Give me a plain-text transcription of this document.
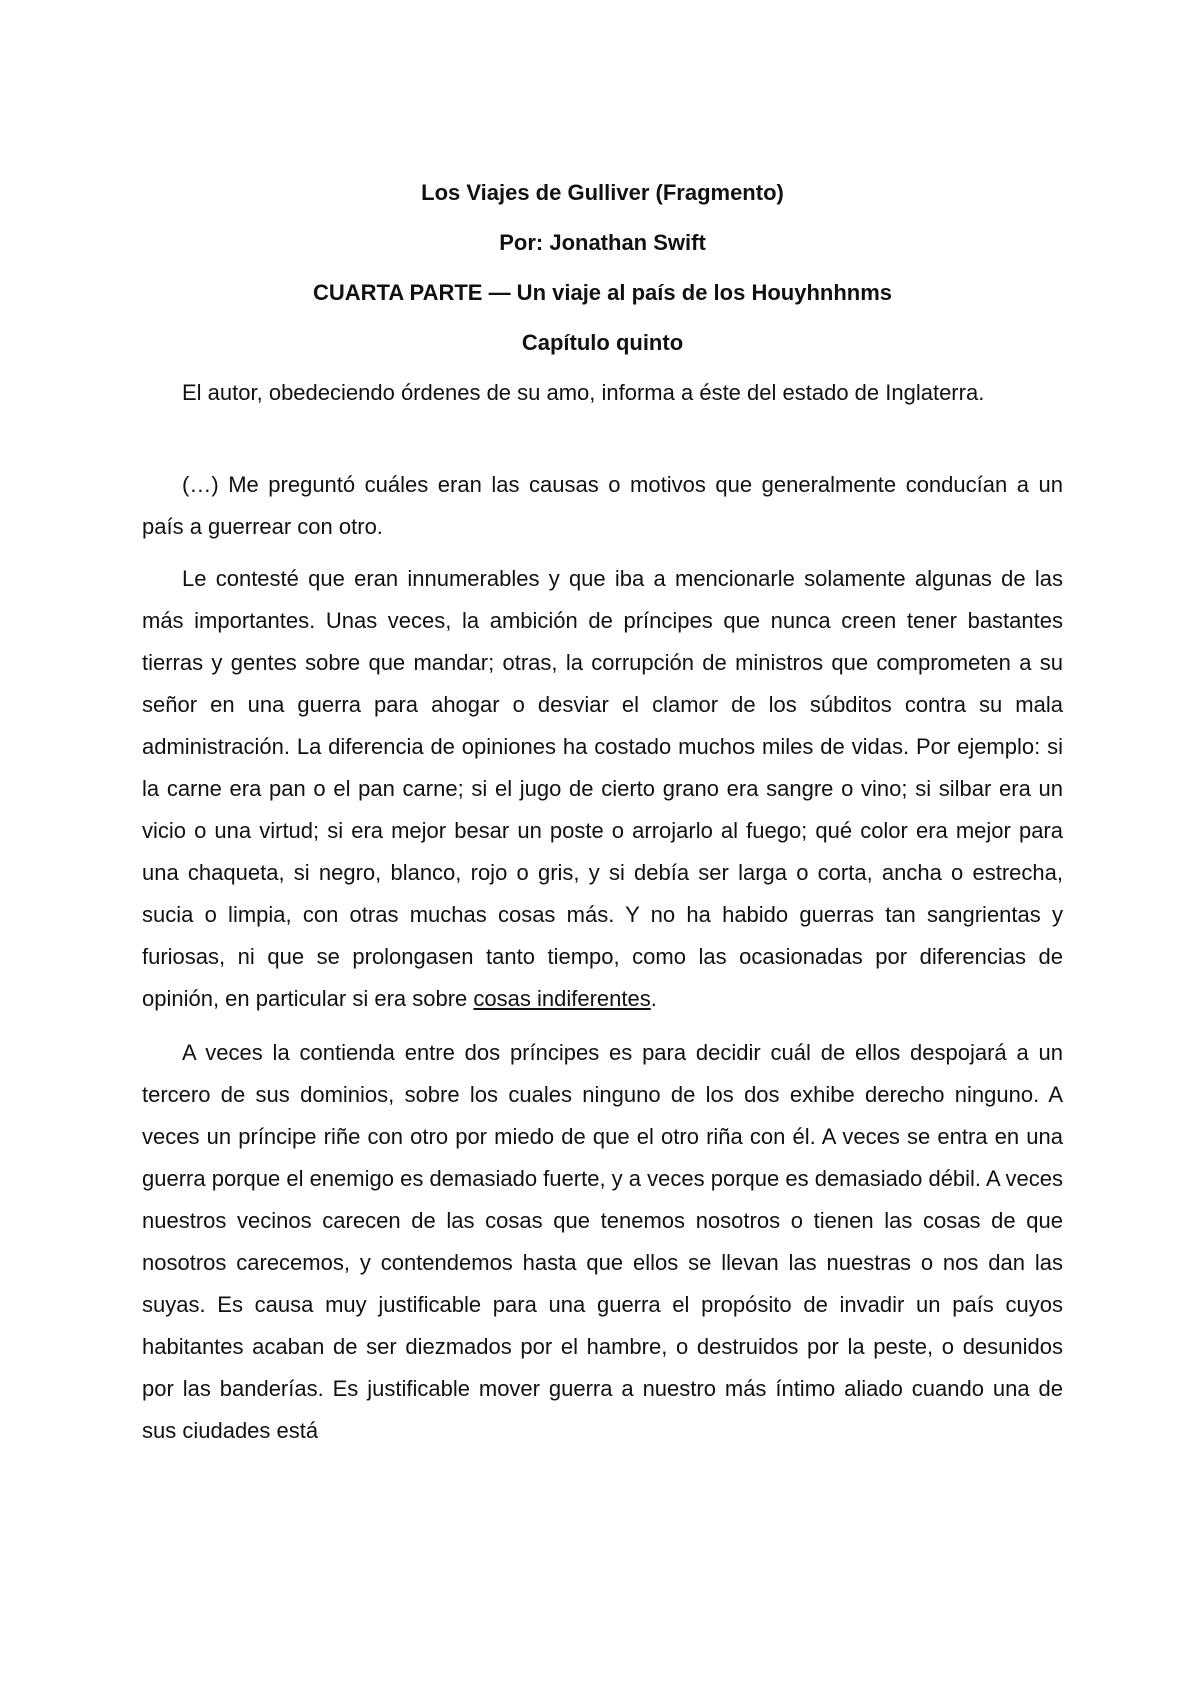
Los Viajes de Gulliver (Fragmento)

Por: Jonathan Swift

CUARTA PARTE — Un viaje al país de los Houyhnhnms

Capítulo quinto

El autor, obedeciendo órdenes de su amo, informa a éste del estado de Inglaterra.

(…) Me preguntó cuáles eran las causas o motivos que generalmente conducían a un país a guerrear con otro.

Le contesté que eran innumerables y que iba a mencionarle solamente algunas de las más importantes. Unas veces, la ambición de príncipes que nunca creen tener bastantes tierras y gentes sobre que mandar; otras, la corrupción de ministros que comprometen a su señor en una guerra para ahogar o desviar el clamor de los súbditos contra su mala administración. La diferencia de opiniones ha costado muchos miles de vidas. Por ejemplo: si la carne era pan o el pan carne; si el jugo de cierto grano era sangre o vino; si silbar era un vicio o una virtud; si era mejor besar un poste o arrojarlo al fuego; qué color era mejor para una chaqueta, si negro, blanco, rojo o gris, y si debía ser larga o corta, ancha o estrecha, sucia o limpia, con otras muchas cosas más. Y no ha habido guerras tan sangrientas y furiosas, ni que se prolongasen tanto tiempo, como las ocasionadas por diferencias de opinión, en particular si era sobre cosas indiferentes.

A veces la contienda entre dos príncipes es para decidir cuál de ellos despojará a un tercero de sus dominios, sobre los cuales ninguno de los dos exhibe derecho ninguno. A veces un príncipe riñe con otro por miedo de que el otro riña con él. A veces se entra en una guerra porque el enemigo es demasiado fuerte, y a veces porque es demasiado débil. A veces nuestros vecinos carecen de las cosas que tenemos nosotros o tienen las cosas de que nosotros carecemos, y contendemos hasta que ellos se llevan las nuestras o nos dan las suyas. Es causa muy justificable para una guerra el propósito de invadir un país cuyos habitantes acaban de ser diezmados por el hambre, o destruidos por la peste, o desunidos por las banderías. Es justificable mover guerra a nuestro más íntimo aliado cuando una de sus ciudades está
